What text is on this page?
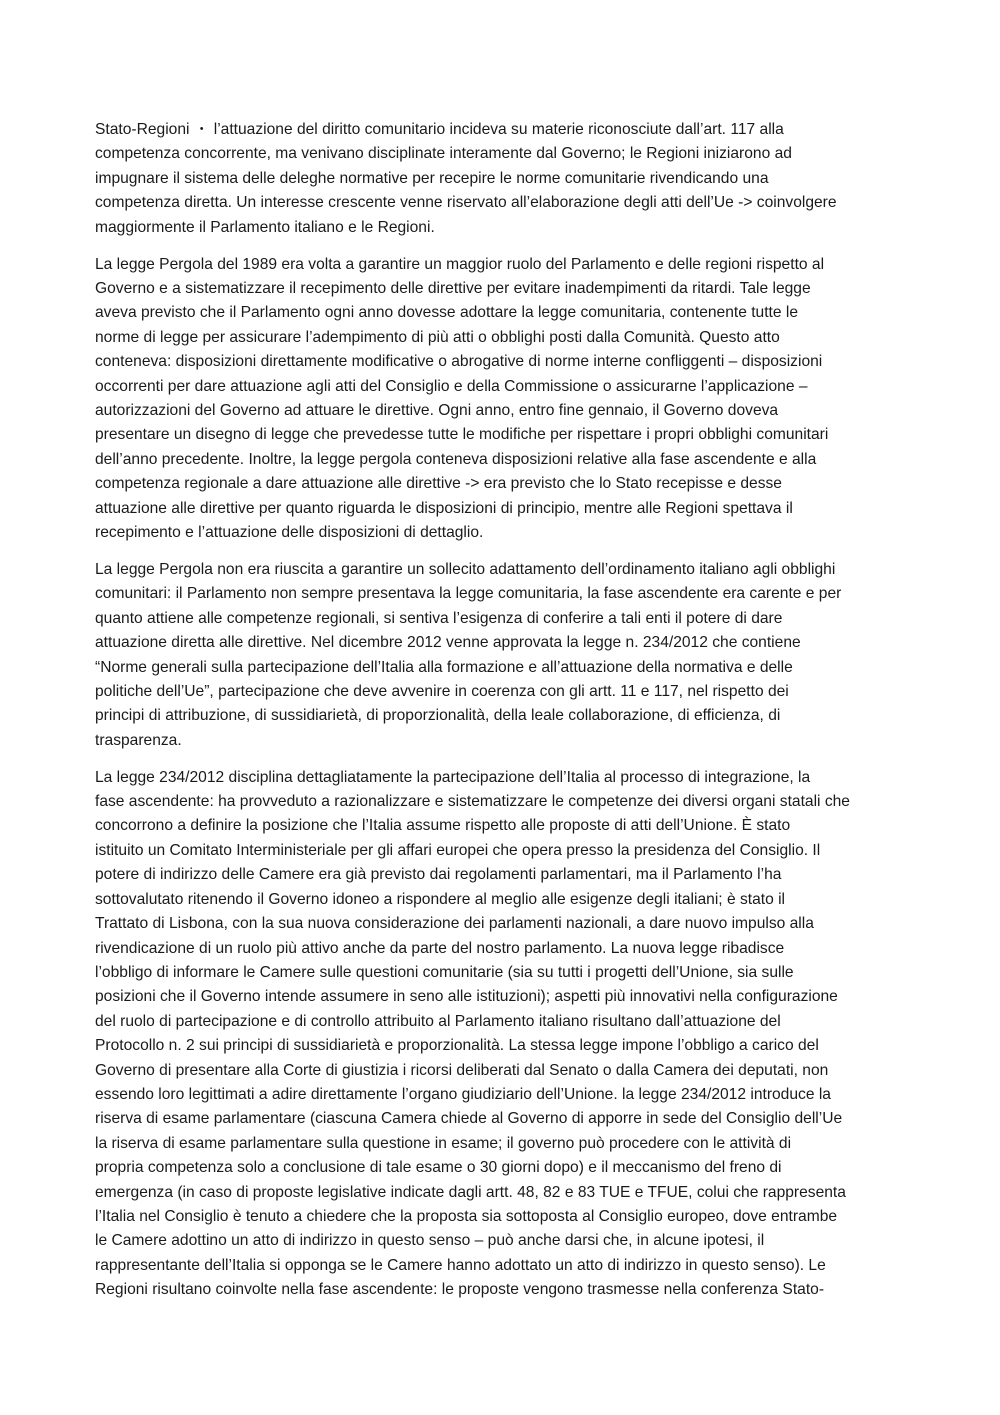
Stato-Regioni ・ l’attuazione del diritto comunitario incideva su materie riconosciute dall’art. 117 alla
competenza concorrente, ma venivano disciplinate interamente dal Governo; le Regioni iniziarono ad
impugnare il sistema delle deleghe normative per recepire le norme comunitarie rivendicando una
competenza diretta. Un interesse crescente venne riservato all’elaborazione degli atti dell’Ue -> coinvolgere
maggiormente il Parlamento italiano e le Regioni.

La legge Pergola del 1989 era volta a garantire un maggior ruolo del Parlamento e delle regioni rispetto al
Governo e a sistematizzare il recepimento delle direttive per evitare inadempimenti da ritardi. Tale legge
aveva previsto che il Parlamento ogni anno dovesse adottare la legge comunitaria, contenente tutte le
norme di legge per assicurare l’adempimento di più atti o obblighi posti dalla Comunità. Questo atto
conteneva: disposizioni direttamente modificative o abrogative di norme interne confliggenti – disposizioni
occorrenti per dare attuazione agli atti del Consiglio e della Commissione o assicurarne l’applicazione –
autorizzazioni del Governo ad attuare le direttive. Ogni anno, entro fine gennaio, il Governo doveva
presentare un disegno di legge che prevedesse tutte le modifiche per rispettare i propri obblighi comunitari
dell’anno precedente. Inoltre, la legge pergola conteneva disposizioni relative alla fase ascendente e alla
competenza regionale a dare attuazione alle direttive -> era previsto che lo Stato recepisse e desse
attuazione alle direttive per quanto riguarda le disposizioni di principio, mentre alle Regioni spettava il
recepimento e l’attuazione delle disposizioni di dettaglio.

La legge Pergola non era riuscita a garantire un sollecito adattamento dell’ordinamento italiano agli obblighi
comunitari: il Parlamento non sempre presentava la legge comunitaria, la fase ascendente era carente e per
quanto attiene alle competenze regionali, si sentiva l’esigenza di conferire a tali enti il potere di dare
attuazione diretta alle direttive. Nel dicembre 2012 venne approvata la legge n. 234/2012 che contiene
“Norme generali sulla partecipazione dell’Italia alla formazione e all’attuazione della normativa e delle
politiche dell’Ue”, partecipazione che deve avvenire in coerenza con gli artt. 11 e 117, nel rispetto dei
principi di attribuzione, di sussidiarietà, di proporzionalità, della leale collaborazione, di efficienza, di
trasparenza.

La legge 234/2012 disciplina dettagliatamente la partecipazione dell’Italia al processo di integrazione, la
fase ascendente: ha provveduto a razionalizzare e sistematizzare le competenze dei diversi organi statali che
concorrono a definire la posizione che l’Italia assume rispetto alle proposte di atti dell’Unione. È stato
istituito un Comitato Interministeriale per gli affari europei che opera presso la presidenza del Consiglio. Il
potere di indirizzo delle Camere era già previsto dai regolamenti parlamentari, ma il Parlamento l’ha
sottovalutato ritenendo il Governo idoneo a rispondere al meglio alle esigenze degli italiani; è stato il
Trattato di Lisbona, con la sua nuova considerazione dei parlamenti nazionali, a dare nuovo impulso alla
rivendicazione di un ruolo più attivo anche da parte del nostro parlamento. La nuova legge ribadisce
l’obbligo di informare le Camere sulle questioni comunitarie (sia su tutti i progetti dell’Unione, sia sulle
posizioni che il Governo intende assumere in seno alle istituzioni); aspetti più innovativi nella configurazione
del ruolo di partecipazione e di controllo attribuito al Parlamento italiano risultano dall’attuazione del
Protocollo n. 2 sui principi di sussidiarietà e proporzionalità. La stessa legge impone l’obbligo a carico del
Governo di presentare alla Corte di giustizia i ricorsi deliberati dal Senato o dalla Camera dei deputati, non
essendo loro legittimati a adire direttamente l’organo giudiziario dell’Unione. la legge 234/2012 introduce la
riserva di esame parlamentare (ciascuna Camera chiede al Governo di apporre in sede del Consiglio dell’Ue
la riserva di esame parlamentare sulla questione in esame; il governo può procedere con le attività di
propria competenza solo a conclusione di tale esame o 30 giorni dopo) e il meccanismo del freno di
emergenza (in caso di proposte legislative indicate dagli artt. 48, 82 e 83 TUE e TFUE, colui che rappresenta
l’Italia nel Consiglio è tenuto a chiedere che la proposta sia sottoposta al Consiglio europeo, dove entrambe
le Camere adottino un atto di indirizzo in questo senso – può anche darsi che, in alcune ipotesi, il
rappresentante dell’Italia si opponga se le Camere hanno adottato un atto di indirizzo in questo senso). Le
Regioni risultano coinvolte nella fase ascendente: le proposte vengono trasmesse nella conferenza Stato-
